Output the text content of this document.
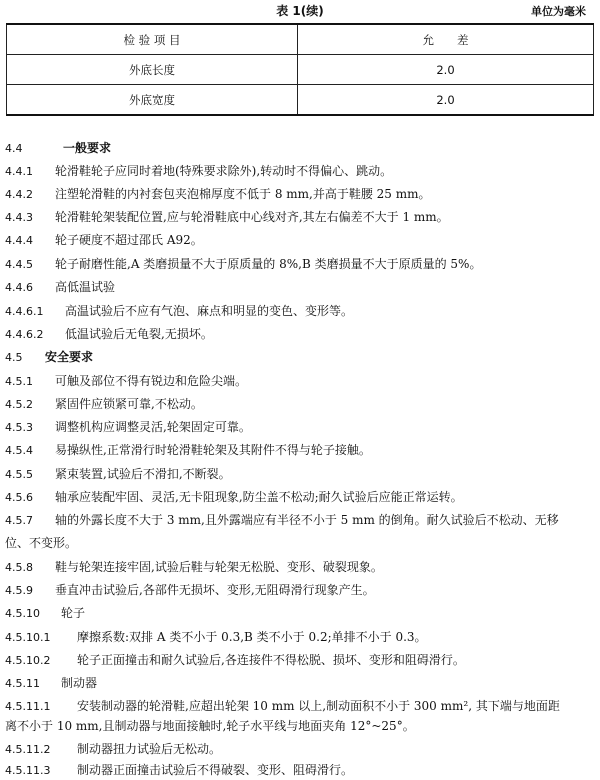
表 1(续)	单位为毫米
检 验 项 目	允　　差
外底长度	2.0
外底宽度	2.0
4.4	一般要求
4.4.1 轮滑鞋轮子应同时着地(特殊要求除外),转动时不得偏心、跳动。
4.4.2 注塑轮滑鞋的内衬套包夹泡棉厚度不低于 8 mm,并高于鞋腰 25 mm。
4.4.3 轮滑鞋轮架装配位置,应与轮滑鞋底中心线对齐,其左右偏差不大于 1 mm。
4.4.4 轮子硬度不超过邵氏 A92。
4.4.5 轮子耐磨性能,A 类磨损量不大于原质量的 8%,B 类磨损量不大于原质量的 5%。
4.4.6 高低温试验
4.4.6.1 高温试验后不应有气泡、麻点和明显的变色、变形等。
4.4.6.2 低温试验后无龟裂,无损坏。
4.5 安全要求
4.5.1 可触及部位不得有锐边和危险尖端。
4.5.2 紧固件应锁紧可靠,不松动。
4.5.3 调整机构应调整灵活,轮架固定可靠。
4.5.4 易操纵性,正常滑行时轮滑鞋轮架及其附件不得与轮子接触。
4.5.5 紧束装置,试验后不滑扣,不断裂。
4.5.6 轴承应装配牢固、灵活,无卡阻现象,防尘盖不松动;耐久试验后应能正常运转。
4.5.7 轴的外露长度不大于 3 mm,且外露端应有半径不小于 5 mm 的倒角。耐久试验后不松动、无移
位、不变形。
4.5.8 鞋与轮架连接牢固,试验后鞋与轮架无松脱、变形、破裂现象。
4.5.9 垂直冲击试验后,各部件无损坏、变形,无阻碍滑行现象产生。
4.5.10 轮子
4.5.10.1 摩擦系数:双排 A 类不小于 0.3,B 类不小于 0.2;单排不小于 0.3。
4.5.10.2 轮子正面撞击和耐久试验后,各连接件不得松脱、损坏、变形和阻碍滑行。
4.5.11 制动器
4.5.11.1 安装制动器的轮滑鞋,应超出轮架 10 mm 以上,制动面积不小于 300 mm², 其下端与地面距
离不小于 10 mm,且制动器与地面接触时,轮子水平线与地面夹角 12°~25°。
4.5.11.2 制动器扭力试验后无松动。
4.5.11.3 制动器正面撞击试验后不得破裂、变形、阻碍滑行。
